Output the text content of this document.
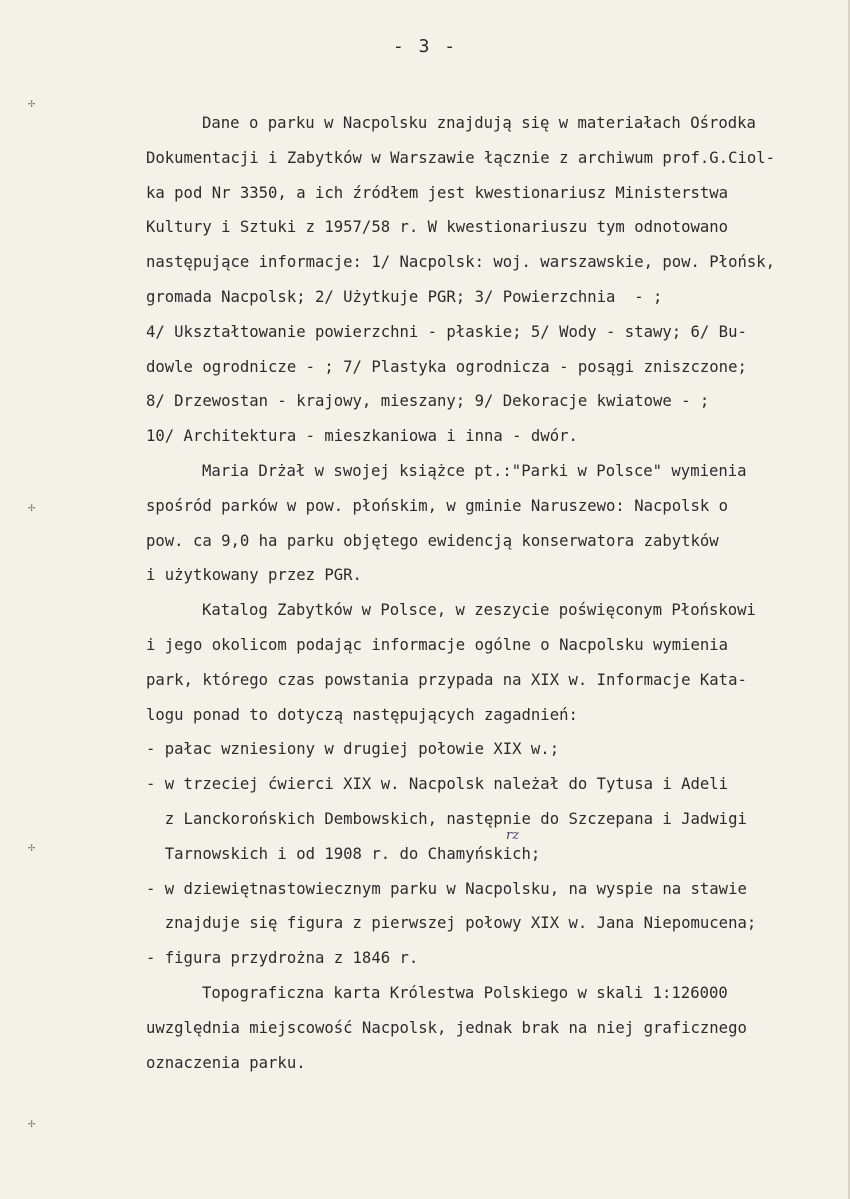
- 3 -
✢
✢
✢
✢
Dane o parku w Nacpolsku znajdują się w materiałach Ośrodka
Dokumentacji i Zabytków w Warszawie łącznie z archiwum prof.G.Ciol-
ka pod Nr 3350, a ich źródłem jest kwestionariusz Ministerstwa
Kultury i Sztuki z 1957/58 r. W kwestionariuszu tym odnotowano
następujące informacje: 1/ Nacpolsk: woj. warszawskie, pow. Płońsk,
gromada Nacpolsk; 2/ Użytkuje PGR; 3/ Powierzchnia  - ;
4/ Ukształtowanie powierzchni - płaskie; 5/ Wody - stawy; 6/ Bu-
dowle ogrodnicze - ; 7/ Plastyka ogrodnicza - posągi zniszczone;
8/ Drzewostan - krajowy, mieszany; 9/ Dekoracje kwiatowe - ;
10/ Architektura - mieszkaniowa i inna - dwór.
Maria Drżał w swojej książce pt.:"Parki w Polsce" wymienia
spośród parków w pow. płońskim, w gminie Naruszewo: Nacpolsk o
pow. ca 9,0 ha parku objętego ewidencją konserwatora zabytków
i użytkowany przez PGR.
Katalog Zabytków w Polsce, w zeszycie poświęconym Płońskowi
i jego okolicom podając informacje ogólne o Nacpolsku wymienia
park, którego czas powstania przypada na XIX w. Informacje Kata-
logu ponad to dotyczą następujących zagadnień:
- pałac wzniesiony w drugiej połowie XIX w.;
- w trzeciej ćwierci XIX w. Nacpolsk należał do Tytusa i Adeli
z Lanckorońskich Dembowskich, następnie do Szczepana i Jadwigi
Tarnowskich i od 1908 r. do Chamyńskich;
- w dziewiętnastowiecznym parku w Nacpolsku, na wyspie na stawie
znajduje się figura z pierwszej połowy XIX w. Jana Niepomucena;
- figura przydrożna z 1846 r.
Topograficzna karta Królestwa Polskiego w skali 1:126000
uwzględnia miejscowość Nacpolsk, jednak brak na niej graficznego
oznaczenia parku.
rz
